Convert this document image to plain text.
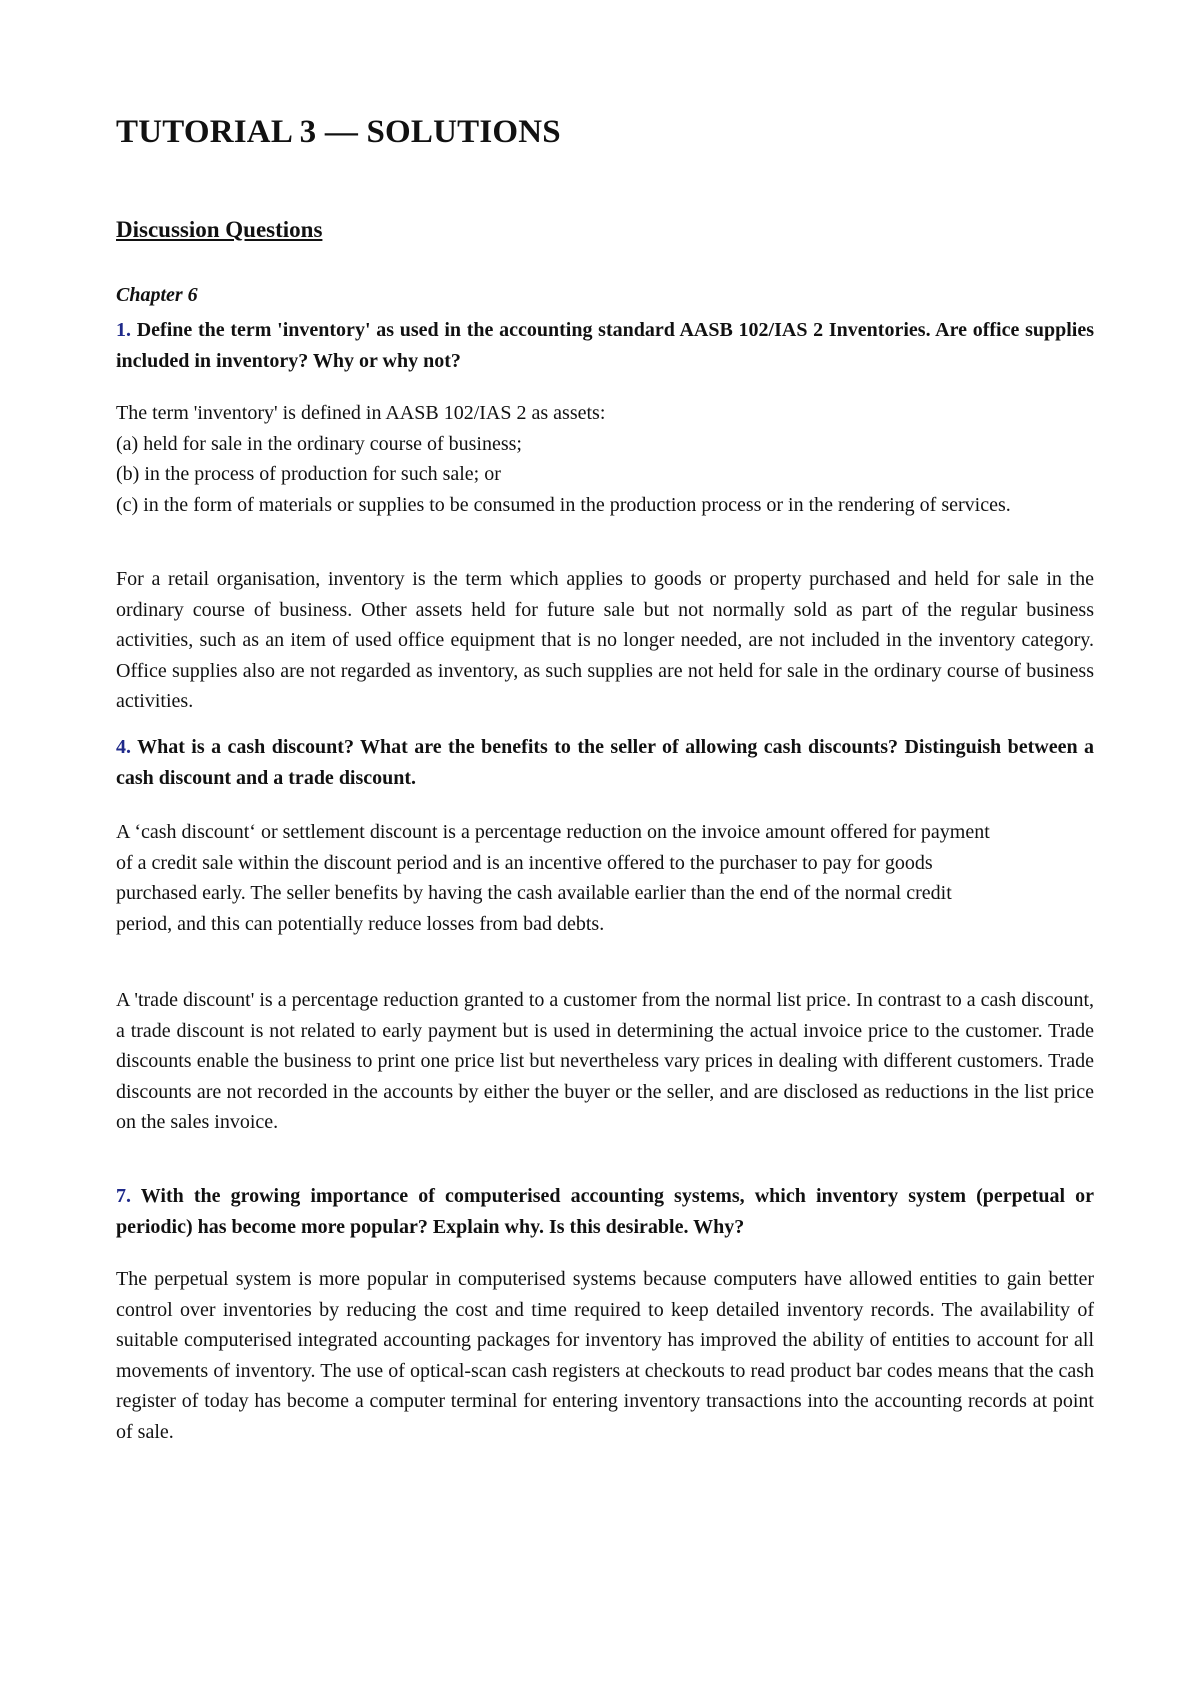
TUTORIAL 3 — SOLUTIONS
Discussion Questions

Chapter 6

1. Define the term 'inventory' as used in the accounting standard AASB 102/IAS 2 Inventories. Are office supplies included in inventory? Why or why not?

The term 'inventory' is defined in AASB 102/IAS 2 as assets:
(a) held for sale in the ordinary course of business;
(b) in the process of production for such sale; or
(c) in the form of materials or supplies to be consumed in the production process or in the rendering of services.

For a retail organisation, inventory is the term which applies to goods or property purchased and held for sale in the ordinary course of business. Other assets held for future sale but not normally sold as part of the regular business activities, such as an item of used office equipment that is no longer needed, are not included in the inventory category. Office supplies also are not regarded as inventory, as such supplies are not held for sale in the ordinary course of business activities.

4. What is a cash discount? What are the benefits to the seller of allowing cash discounts? Distinguish between a cash discount and a trade discount.

A ‘cash discount‘ or settlement discount is a percentage reduction on the invoice amount offered for payment of a credit sale within the discount period and is an incentive offered to the purchaser to pay for goods purchased early. The seller benefits by having the cash available earlier than the end of the normal credit period, and this can potentially reduce losses from bad debts.

A 'trade discount' is a percentage reduction granted to a customer from the normal list price. In contrast to a cash discount, a trade discount is not related to early payment but is used in determining the actual invoice price to the customer. Trade discounts enable the business to print one price list but nevertheless vary prices in dealing with different customers. Trade discounts are not recorded in the accounts by either the buyer or the seller, and are disclosed as reductions in the list price on the sales invoice.

7. With the growing importance of computerised accounting systems, which inventory system (perpetual or periodic) has become more popular? Explain why. Is this desirable. Why?

The perpetual system is more popular in computerised systems because computers have allowed entities to gain better control over inventories by reducing the cost and time required to keep detailed inventory records. The availability of suitable computerised integrated accounting packages for inventory has improved the ability of entities to account for all movements of inventory. The use of optical-scan cash registers at checkouts to read product bar codes means that the cash register of today has become a computer terminal for entering inventory transactions into the accounting records at point of sale.
